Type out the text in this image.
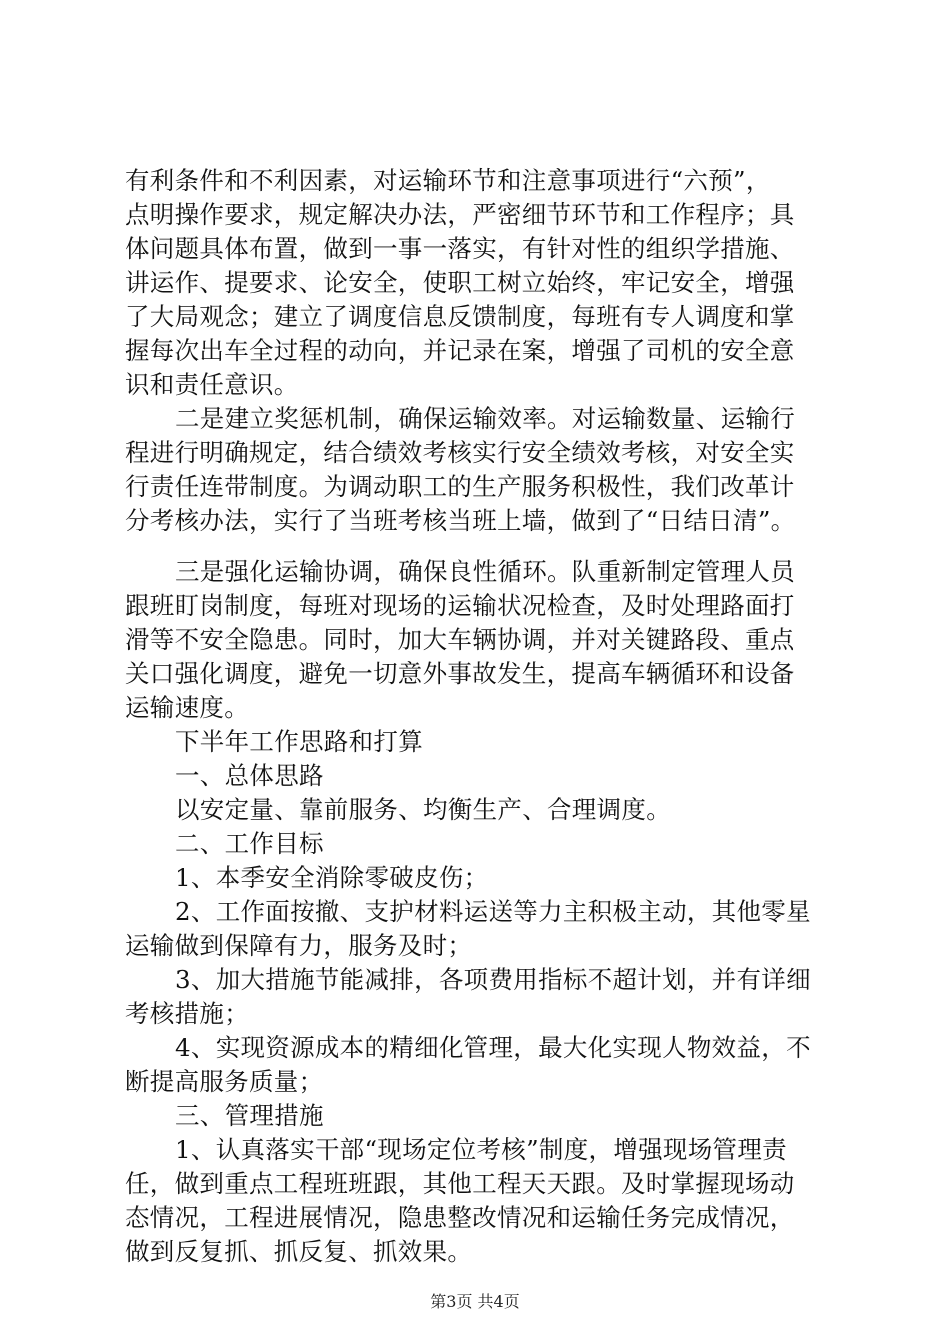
有利条件和不利因素，对运输环节和注意事项进行“六预”，
点明操作要求，规定解决办法，严密细节环节和工作程序；具
体问题具体布置，做到一事一落实，有针对性的组织学措施、
讲运作、提要求、论安全，使职工树立始终，牢记安全，增强
了大局观念；建立了调度信息反馈制度，每班有专人调度和掌
握每次出车全过程的动向，并记录在案，增强了司机的安全意
识和责任意识。
二是建立奖惩机制，确保运输效率。对运输数量、运输行
程进行明确规定，结合绩效考核实行安全绩效考核，对安全实
行责任连带制度。为调动职工的生产服务积极性，我们改革计
分考核办法，实行了当班考核当班上墙，做到了“日结日清”。
三是强化运输协调，确保良性循环。队重新制定管理人员
跟班盯岗制度，每班对现场的运输状况检查，及时处理路面打
滑等不安全隐患。同时，加大车辆协调，并对关键路段、重点
关口强化调度，避免一切意外事故发生，提高车辆循环和设备
运输速度。
下半年工作思路和打算
一、总体思路
以安定量、靠前服务、均衡生产、合理调度。
二、工作目标
1、本季安全消除零破皮伤；
2、工作面按撤、支护材料运送等力主积极主动，其他零星
运输做到保障有力，服务及时；
3、加大措施节能减排，各项费用指标不超计划，并有详细
考核措施；
4、实现资源成本的精细化管理，最大化实现人物效益，不
断提高服务质量；
三、管理措施
1、认真落实干部“现场定位考核”制度，增强现场管理责
任，做到重点工程班班跟，其他工程天天跟。及时掌握现场动
态情况，工程进展情况，隐患整改情况和运输任务完成情况，
做到反复抓、抓反复、抓效果。
第3页 共4页
